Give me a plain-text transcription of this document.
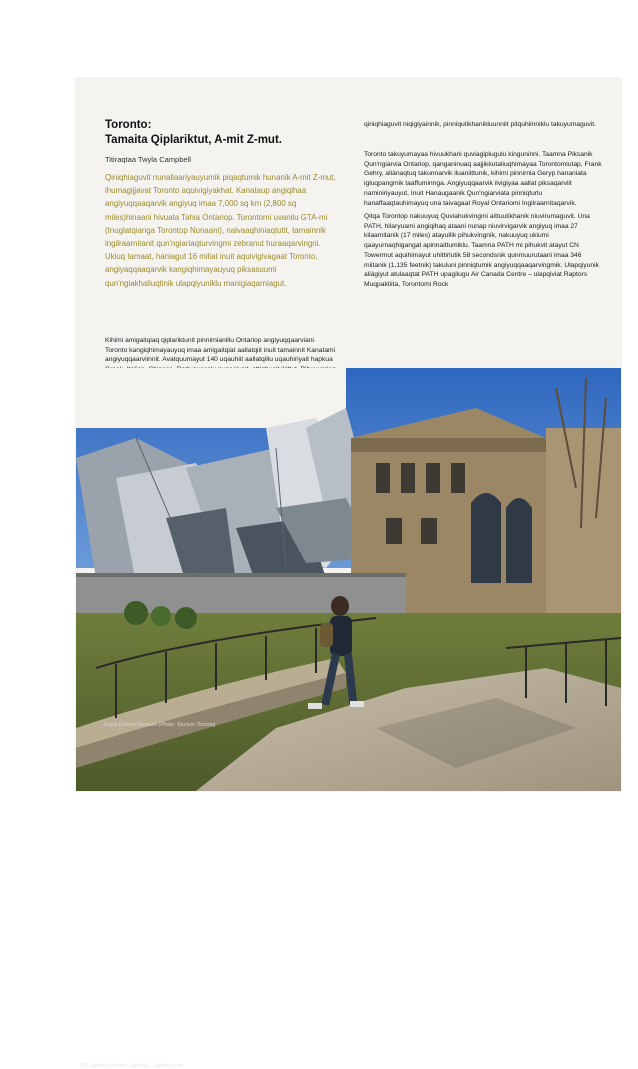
Toronto:
Tamaita Qiplariktut, A-mit Z-mut.
Titiraqtaa Twyla Campbell
Qiniqhiaguvit nunallaariyauyumik piqaqtumik hunanik A-mit Z-mut, ihumagijjavat Toronto aquivigiyakhat. Kanataup angiqihaa angiyuqqaaqarvik angiyuq imaa 7,000 sq km (2,800 sq miles)hinaani hivuata Tahia Ontariop. Torontomi uvanilu GTA-mi (Inuglatqianga Torontop Nunaani), nalvaaqhiniaqtutit, tamainnik ingilraarnitanit qun'ngiariaqturvingmi zebranut huraaqarvingni. Ukiuq tamaat, haniagut 16 miliat inuit aquivigivagaat Toronto, angiyaqqaaqarvik kangiqhimayauyuq piksasuumi qun'ngiakhaliuqtinik ulapqiyuniklu manigiaqarniagut.
Kihimi amigaitqiaq qiplariktunit pinnirnianillu Ontariop angiyuqqaarviani. Toronto kangiqhimayauyuq imaa amigaitqiat aallatqiit inuit tamainnit Kanatami angiyuqqaarviinnit. Avatquumayut 140 uqauhiit aallatqillu uqauhiriyait hapkua
qiniqhiaguvit niqigiyainnik, pinniqutikhanikluunniit pitquhiinniklu takuyumaguvit.
Toronto takuyumayaa hivuukhani quviagiplugulu kinguninni. Taamna Piksanik Qun'ngiarvia Ontariop, qanganinuaq aajjikkutaliuqhimayaa Torontomiutap, Frank Gehry, aliànaqtuq takunnarvik iluaniittunik, kihimi pinnirnia Geryp hananiata igluqpangmik taaffuminnga. Angiyuqqaarvik ilvigiyaa aallat piksaqarviit naminiriyauyut, Inuit Hanaugaanik Qun'ngiarviata pinniqturlu hanaffaaqtauhimayuq una taivagaat Royal Ontariomi Ingilraarnitaqarvik.
Qitqa Torontop nakuuyuq Quviahukvingmi aittuutikhanik niuvirumaguvit. Una PATH, hilaryuami angiqihaq ataani nunap niuvirvigarvik angiyuq imaa 27 kilaamitanik (17 miles) atayullik pihukvingnik, nakuuyuq ukiumi qaayurnaqhigangat apinnaittumiklu. Taamna PATH mi pihukvit atayut CN Towermut aquihimayut uhittirlutik 58 secondsnik qunmuurutaani imaa 346 miitanik (1,135 feetnik) takuluni pinniqtumik angiyuqqaaqarvingmik. Ulapqiyunik aliàgiyut atulaaqtat PATH upagilugu Air Canada Centre – ulapqiviat Raptors Muqpaktiita, Torontomi Rock
Royal Ontario Museum (Photo: Tourism Toronto)
20 | Canada's Arctic • Canada3 ... lalisleis.com
